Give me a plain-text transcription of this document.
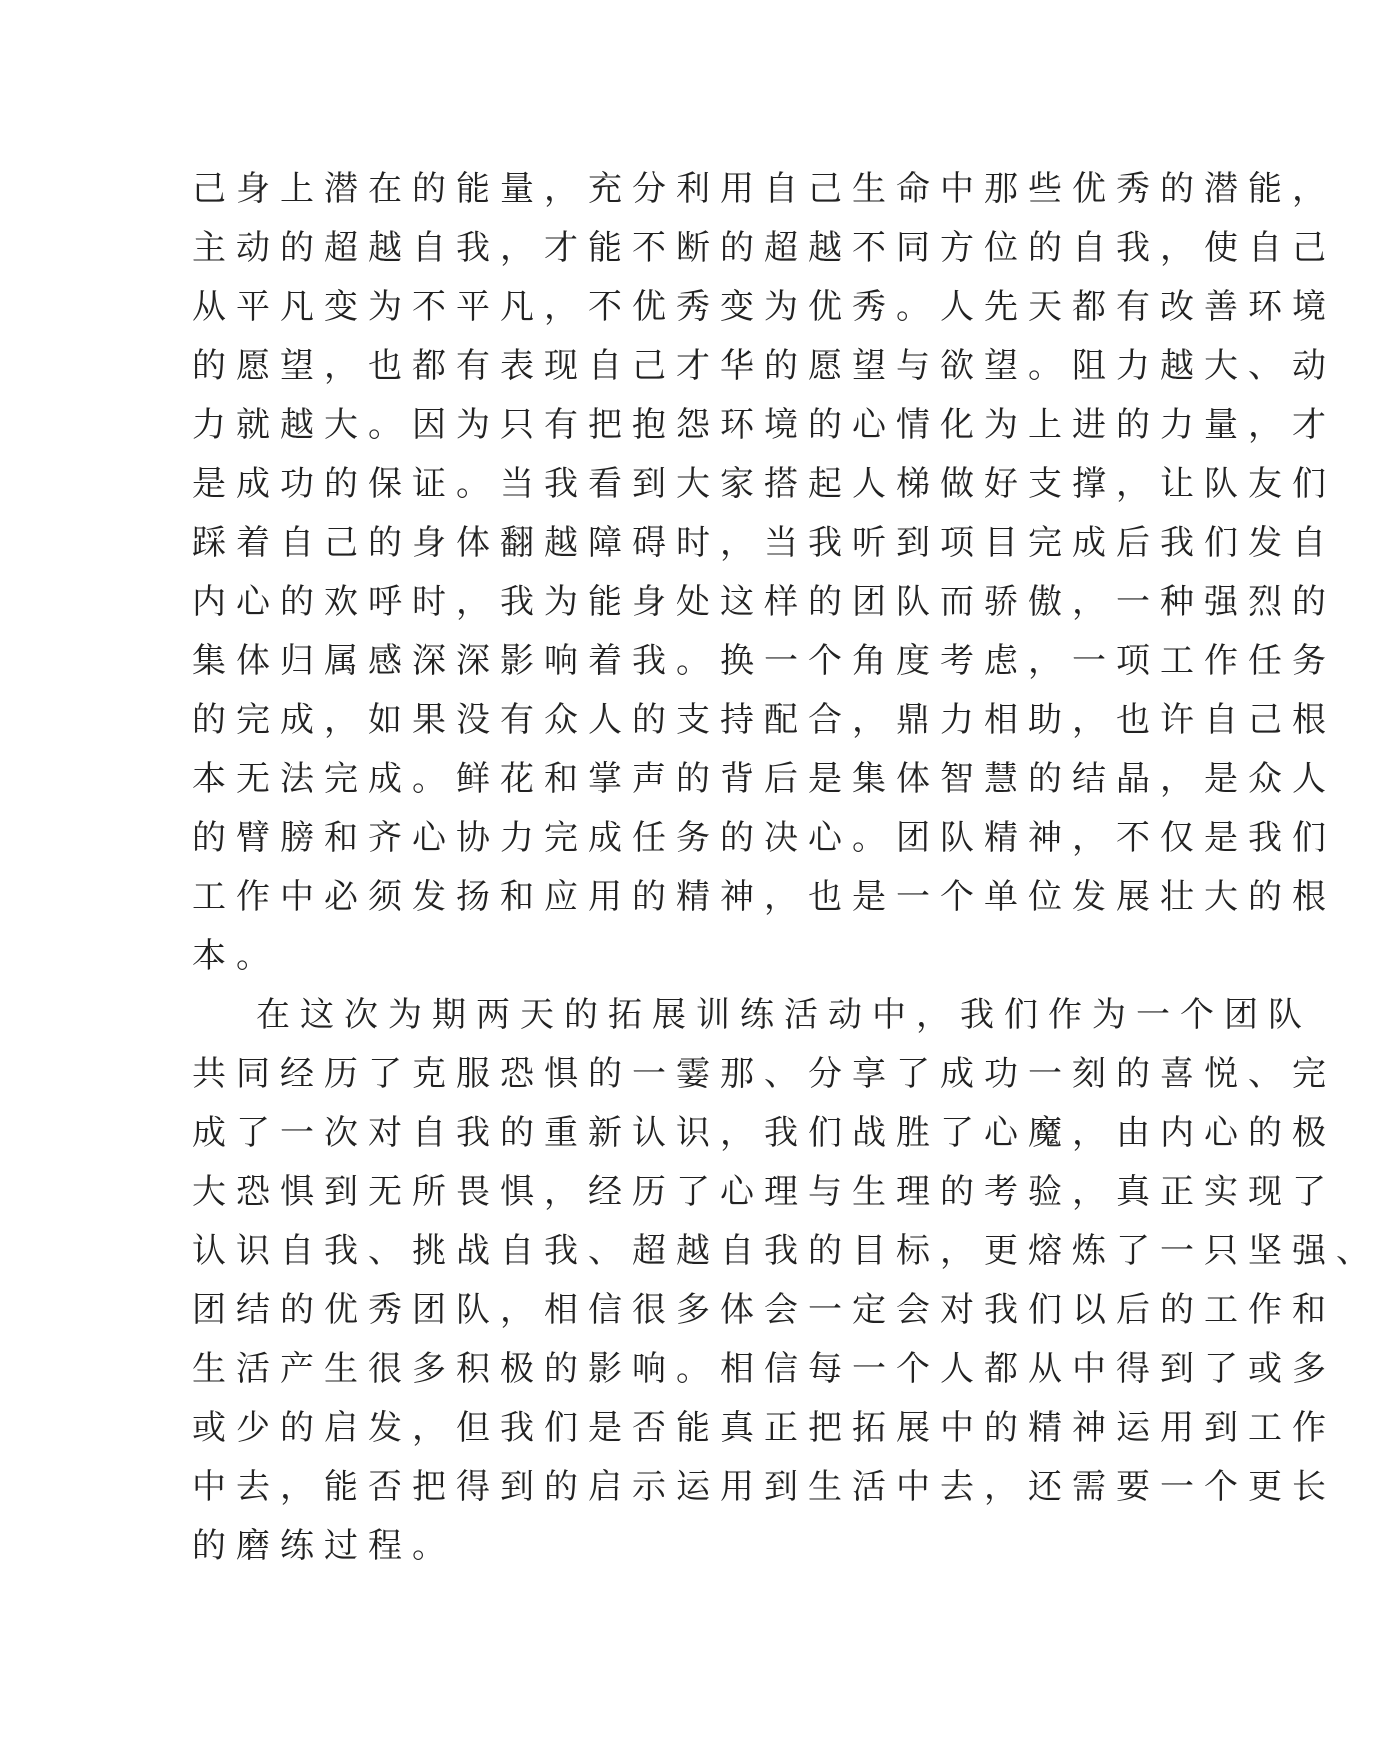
己身上潜在的能量，充分利用自己生命中那些优秀的潜能，
主动的超越自我，才能不断的超越不同方位的自我，使自己
从平凡变为不平凡，不优秀变为优秀。人先天都有改善环境
的愿望，也都有表现自己才华的愿望与欲望。阻力越大、动
力就越大。因为只有把抱怨环境的心情化为上进的力量，才
是成功的保证。当我看到大家搭起人梯做好支撑，让队友们
踩着自己的身体翻越障碍时，当我听到项目完成后我们发自
内心的欢呼时，我为能身处这样的团队而骄傲，一种强烈的
集体归属感深深影响着我。换一个角度考虑，一项工作任务
的完成，如果没有众人的支持配合，鼎力相助，也许自己根
本无法完成。鲜花和掌声的背后是集体智慧的结晶，是众人
的臂膀和齐心协力完成任务的决心。团队精神，不仅是我们
工作中必须发扬和应用的精神，也是一个单位发展壮大的根
本。
在这次为期两天的拓展训练活动中，我们作为一个团队
共同经历了克服恐惧的一霎那、分享了成功一刻的喜悦、完
成了一次对自我的重新认识，我们战胜了心魔，由内心的极
大恐惧到无所畏惧，经历了心理与生理的考验，真正实现了
认识自我、挑战自我、超越自我的目标，更熔炼了一只坚强、
团结的优秀团队，相信很多体会一定会对我们以后的工作和
生活产生很多积极的影响。相信每一个人都从中得到了或多
或少的启发，但我们是否能真正把拓展中的精神运用到工作
中去，能否把得到的启示运用到生活中去，还需要一个更长
的磨练过程。
